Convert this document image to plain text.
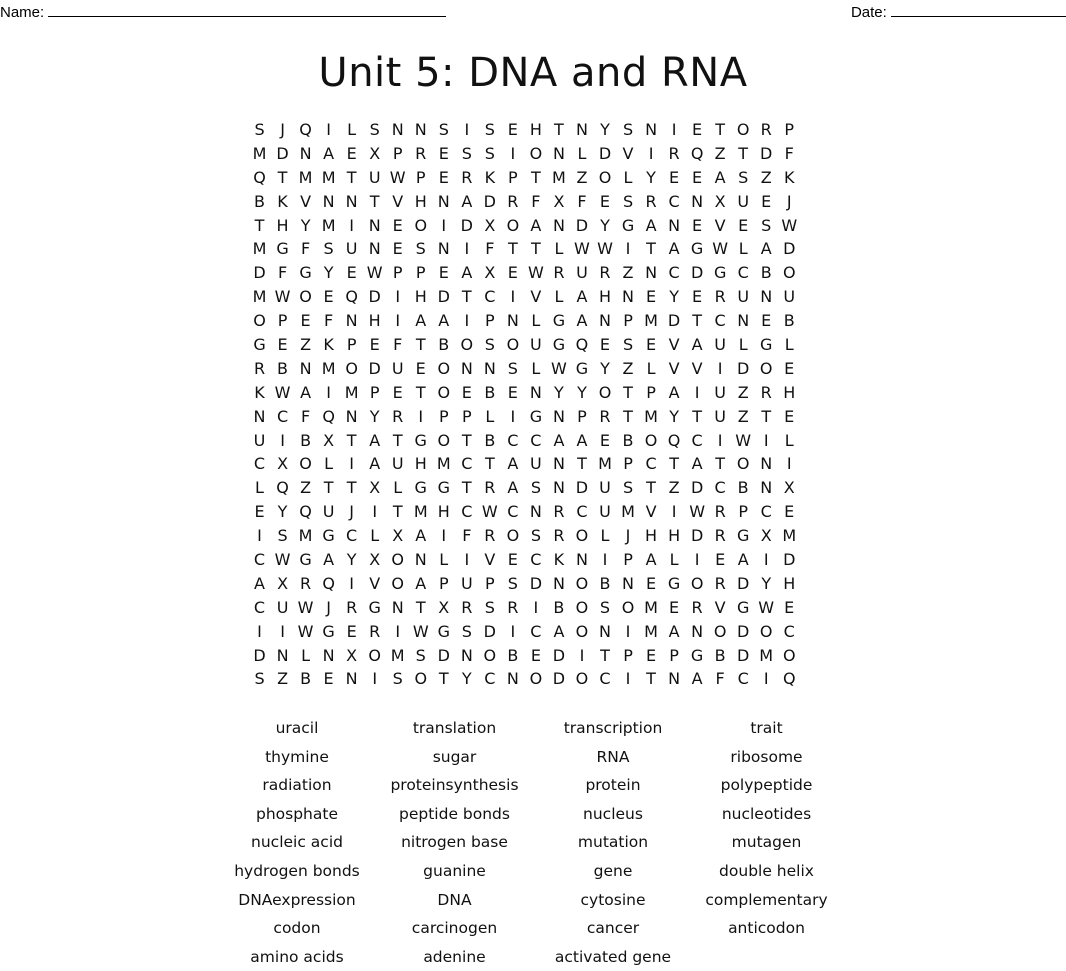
Name:	Date:
Unit 5: DNA and RNA
S J Q I	L S N N S I S E H T N Y S N I E T O R P
M D N A E X P R E S S I O N L D V I R Q Z T D F
Q T M M T U W P E R K P T M Z O L Y E E A S Z K
B K V N N T V H N A D R F X F E S R C N X U E J
T H Y M I N E O I D X O A N D Y G A N E V E S W
M G F S U N E S N I	F T T L W W I T A G W L A D
D F G Y E W P P E A X E W R U R Z N C D G C B O
M W O E Q D I H D T C I V L A H N E Y E R U N U
O P E F N H I A A I P N L G A N P M D T C N E B
G E Z K P E F T B O S O U G Q E S E V A U L G L
R B N M O D U E O N N S L W G Y Z L V V I D O E
K W A I M P E T O E B E N Y Y O T P A I U Z R H
N C F Q N Y R I P P L	I G N P R T M Y T U Z T E
U I B X T A T G O T B C C A A E B O Q C I W I	L
C X O L	I A U H M C T A U N T M P C T A T O N I
L Q Z T T X L G G T R A S N D U S T Z D C B N X
E Y Q U J	I T M H C W C N R C U M V I W R P C E
I S M G C L X A I	F R O S R O L	J H H D R G X M
C W G A Y X O N L	I V E C K N I P A L	I E A I D
A X R Q I V O A P U P S D N O B N E G O R D Y H
C U W J R G N T X R S R I B O S O M E R V G W E
I	I W G E R I W G S D I C A O N I M A N O D O C
D N L N X O M S D N O B E D I T P E P G B D M O
S Z B E N I S O T Y C N O D O C I T N A F C I Q
uracil	translation	transcription	trait
thymine	sugar	RNA	ribosome
radiation	proteinsynthesis	protein	polypeptide
phosphate	peptide bonds	nucleus	nucleotides
nucleic acid	nitrogen base	mutation	mutagen
hydrogen bonds	guanine	gene	double helix
DNAexpression	DNA	cytosine	complementary
codon	carcinogen	cancer	anticodon
amino acids	adenine	activated gene
